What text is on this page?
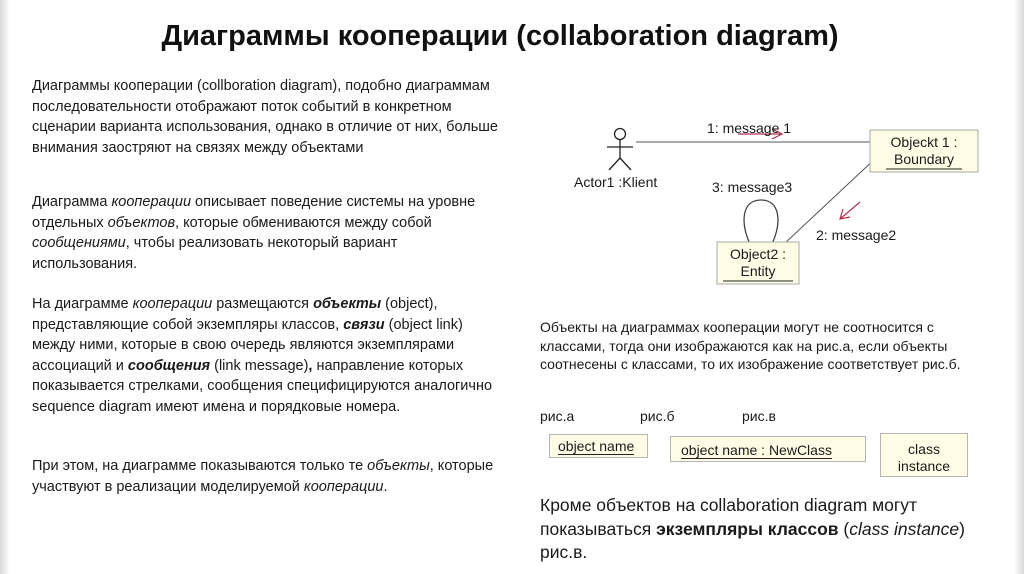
Диаграммы кооперации (collaboration diagram)

Диаграммы кооперации (collboration diagram), подобно диаграммам последовательности отображают поток событий в конкретном сценарии варианта использования, однако в отличие от них, больше внимания заостряют на связях между объектами

Диаграмма кооперации описывает поведение системы на уровне отдельных объектов, которые обмениваются между собой сообщениями, чтобы реализовать некоторый вариант использования.

На диаграмме кооперации размещаются объекты (object), представляющие собой экземпляры классов, связи (object link) между ними, которые в свою очередь являются экземплярами ассоциаций и сообщения (link message), направление которых показывается стрелками, сообщения специфицируются аналогично sequence diagram имеют имена и порядковые номера.

При этом, на диаграмме показываются только те объекты, которые участвуют в реализации моделируемой кооперации.

Actor1 :Klient
1: message 1
3: message3
2: message2
Objeckt 1 :
Boundary
Object2 :
Entity
Объекты на диаграммах кооперации могут не соотносится с классами, тогда они изображаются как на рис.а, если объекты соотнесены с классами, то их изображение соответствует рис.б.
рис.а	рис.б	рис.в
object name	object name : NewClass	class
instance
Кроме объектов на collaboration diagram могут показываться экземпляры классов (class instance) рис.в.
